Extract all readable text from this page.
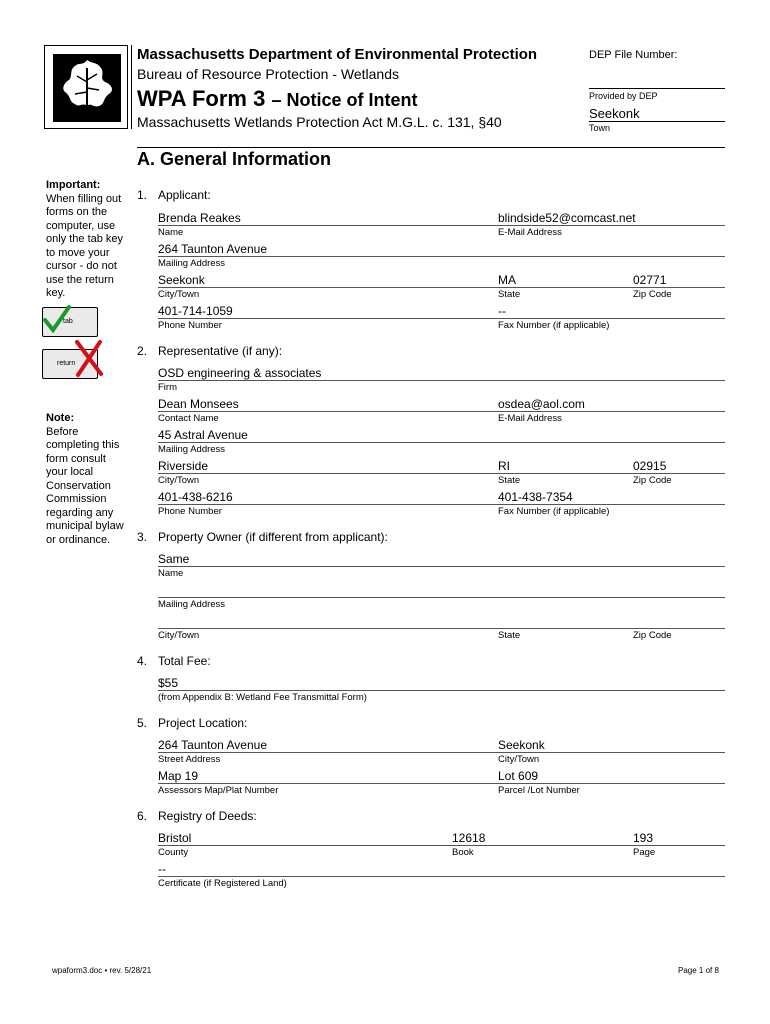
Massachusetts Department of Environmental Protection
Bureau of Resource Protection - Wetlands
WPA Form 3 – Notice of Intent
Massachusetts Wetlands Protection Act M.G.L. c. 131, §40
DEP File Number:
Provided by DEP
Seekonk
Town
A. General Information
Important:
When filling out forms on the computer, use only the tab key to move your cursor - do not use the return key.
tab
return
Note:
Before completing this form consult your local Conservation Commission regarding any municipal bylaw or ordinance.
1. Applicant:
Brenda Reakes	blindside52@comcast.net
Name	E-Mail Address
264 Taunton Avenue
Mailing Address
Seekonk	MA	02771
City/Town	State	Zip Code
401-714-1059	--
Phone Number	Fax Number (if applicable)
2. Representative (if any):
OSD engineering & associates
Firm
Dean Monsees	osdea@aol.com
Contact Name	E-Mail Address
45 Astral Avenue
Mailing Address
Riverside	RI	02915
City/Town	State	Zip Code
401-438-6216	401-438-7354
Phone Number	Fax Number (if applicable)
3. Property Owner (if different from applicant):
Same
Name
Mailing Address
City/Town	State	Zip Code
4. Total Fee:
$55
(from Appendix B: Wetland Fee Transmittal Form)
5. Project Location:
264 Taunton Avenue	Seekonk
Street Address	City/Town
Map 19	Lot 609
Assessors Map/Plat Number	Parcel /Lot Number
6. Registry of Deeds:
Bristol	12618	193
County	Book	Page
--
Certificate (if Registered Land)
wpaform3.doc • rev. 5/28/21	Page 1 of 8
